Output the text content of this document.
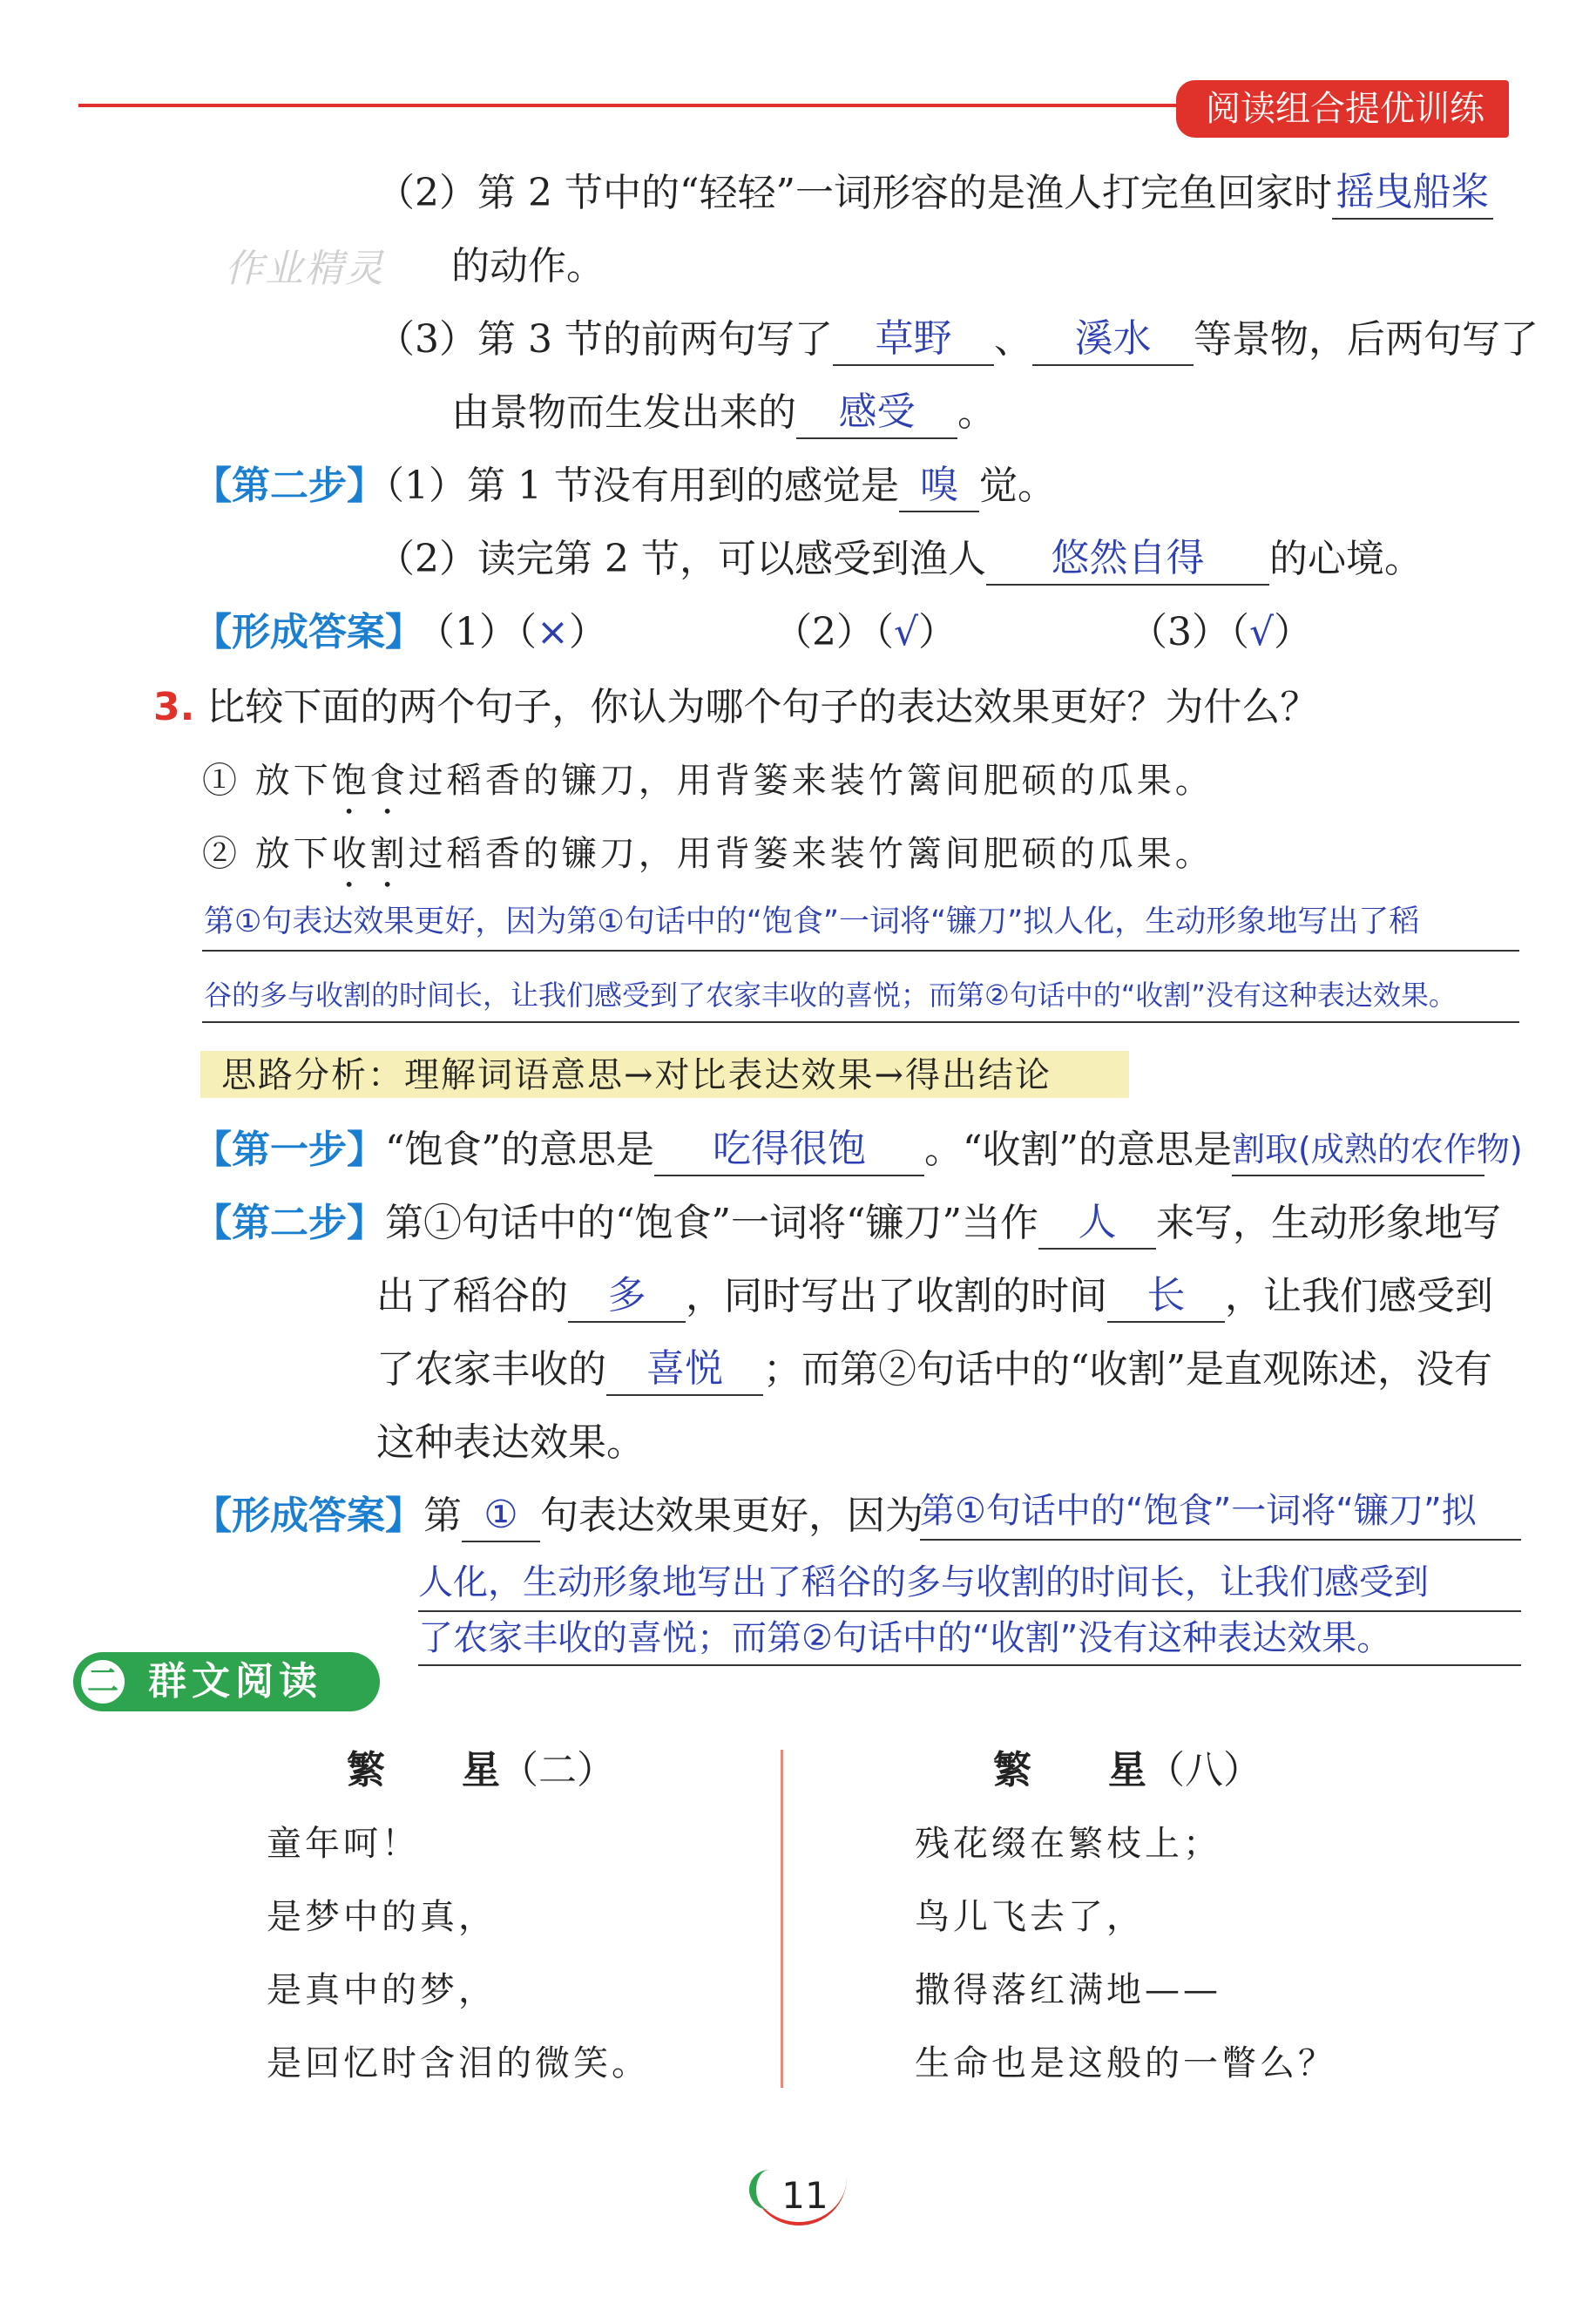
阅读组合提优训练
作业精灵
（2）第 2 节中的“轻轻”一词形容的是渔人打完鱼回家时 摇曳船桨
的动作。
（3）第 3 节的前两句写了 草野 、 溪水 等景物，后两句写了
由景物而生发出来的 感受 。
【第二步】（1）第 1 节没有用到的感觉是 嗅 觉。
（2）读完第 2 节，可以感受到渔人 悠然自得 的心境。
【形成答案】
（1）（×）	（2）（√）	（3）（√）
3. 比较下面的两个句子，你认为哪个句子的表达效果更好？为什么？
① 放下饱食过稻香的镰刀，用背篓来装竹篱间肥硕的瓜果。
② 放下收割过稻香的镰刀，用背篓来装竹篱间肥硕的瓜果。
第①句表达效果更好，因为第①句话中的“饱食”一词将“镰刀”拟人化，生动形象地写出了稻
谷的多与收割的时间长，让我们感受到了农家丰收的喜悦；而第②句话中的“收割”没有这种表达效果。
思路分析：理解词语意思→对比表达效果→得出结论
【第一步】“饱食”的意思是 吃得很饱 。“收割”的意思是割取(成熟的农作物)
【第二步】第①句话中的“饱食”一词将“镰刀”当作 人 来写，生动形象地写
出了稻谷的 多 ，同时写出了收割的时间 长 ，让我们感受到
了农家丰收的 喜悦 ；而第②句话中的“收割”是直观陈述，没有
这种表达效果。
【形成答案】第 ① 句表达效果更好，因为
第①句话中的“饱食”一词将“镰刀”拟
人化，生动形象地写出了稻谷的多与收割的时间长，让我们感受到
了农家丰收的喜悦；而第②句话中的“收割”没有这种表达效果。
二 群文阅读
繁　　星（二）
童年呵！
是梦中的真，
是真中的梦，
是回忆时含泪的微笑。
繁　　星（八）
残花缀在繁枝上；
鸟儿飞去了，
撒得落红满地——
生命也是这般的一瞥么？
11
